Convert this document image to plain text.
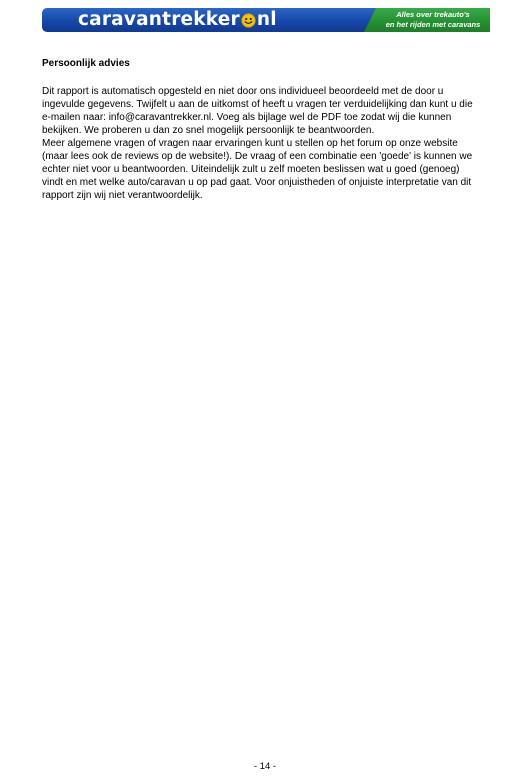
caravantrekker nl	Alles over trekauto's
en het rijden met caravans
Persoonlijk advies
Dit rapport is automatisch opgesteld en niet door ons individueel beoordeeld met de door u
ingevulde gegevens. Twijfelt u aan de uitkomst of heeft u vragen ter verduidelijking dan kunt u die
e-mailen naar: info@caravantrekker.nl. Voeg als bijlage wel de PDF toe zodat wij die kunnen
bekijken. We proberen u dan zo snel mogelijk persoonlijk te beantwoorden.
Meer algemene vragen of vragen naar ervaringen kunt u stellen op het forum op onze website
(maar lees ook de reviews op de website!). De vraag of een combinatie een 'goede' is kunnen we
echter niet voor u beantwoorden. Uiteindelijk zult u zelf moeten beslissen wat u goed (genoeg)
vindt en met welke auto/caravan u op pad gaat. Voor onjuistheden of onjuiste interpretatie van dit
rapport zijn wij niet verantwoordelijk.
- 14 -
